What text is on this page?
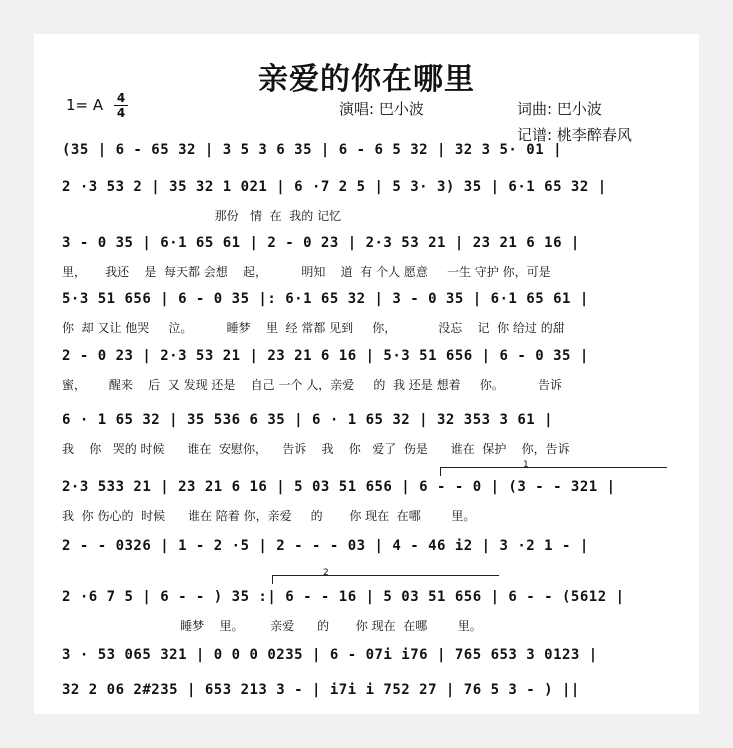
亲爱的你在哪里
1= A 4
4	演唱: 巴小波	词曲: 巴小波
记谱: 桃李醉春风
(35 | 6 - 65 32 | 3 5 3 6 35 | 6 - 6 5 32 | 32 3 5· 01 |
2 ·3 53 2 | 35 32 1 021 | 6 ·7 2 5 | 5 3· 3) 35 | 6·1 65 32 |
那份   情  在  我的 记忆
3 - 0 35 | 6·1 65 61 | 2 - 0 23 | 2·3 53 21 | 23 21 6 16 |
里，     我还    是  每天都 会想    起，         明知    道  有 个人 愿意     一生 守护 你，可是
5·3 51 656 | 6 - 0 35 |: 6·1 65 32 | 3 - 0 35 | 6·1 65 61 |
你  却 又让 他哭     泣。         睡梦    里  经 常都 见到     你，           没忘    记  你 给过 的甜
2 - 0 23 | 2·3 53 21 | 23 21 6 16 | 5·3 51 656 | 6 - 0 35 |
蜜，      醒来    后  又 发现 还是    自己 一个 人，亲爱     的  我 还是 想着     你。         告诉
6 · 1 65 32 | 35 536 6 35 | 6 · 1 65 32 | 32 353 3 61 |
我    你   哭的 时候      谁在  安慰你，    告诉    我    你   爱了  伤是      谁在  保护    你，告诉
1
2·3 533 21 | 23 21 6 16 | 5 03 51 656 | 6 - - 0 | (3 - - 321 |
我  你 伤心的  时候      谁在 陪着 你，亲爱     的       你 现在  在哪        里。
2 - - 0326 | 1 - 2 ·5 | 2 - - - 03 | 4 - 46 i2 | 3 ·2 1 - |
2
2 ·6 7 5 | 6 - - ) 35 :| 6 - - 16 | 5 03 51 656 | 6 - - (5612 |
睡梦    里。       亲爱      的       你 现在  在哪        里。
3 · 53 065 321 | 0 0 0 0235 | 6 - 07i i76 | 765 653 3 0123 |
32 2 06 2#235 | 653 213 3 - | i7i i 752 27 | 76 5 3 - ) ||
